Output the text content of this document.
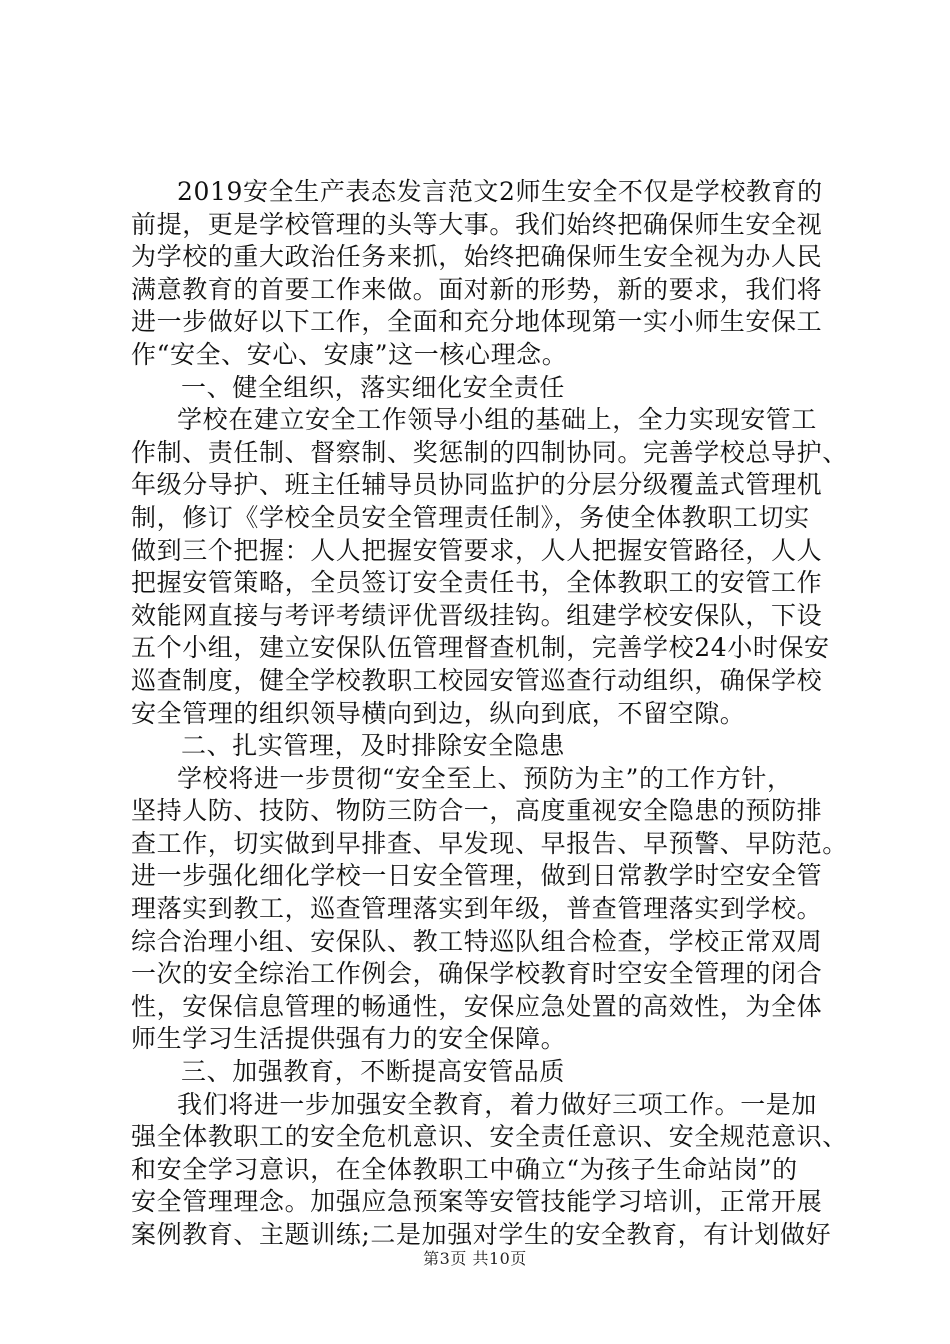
2019安全生产表态发言范文2师生安全不仅是学校教育的
前提，更是学校管理的头等大事。我们始终把确保师生安全视
为学校的重大政治任务来抓，始终把确保师生安全视为办人民
满意教育的首要工作来做。面对新的形势，新的要求，我们将
进一步做好以下工作，全面和充分地体现第一实小师生安保工
作“安全、安心、安康”这一核心理念。
一、健全组织，落实细化安全责任
学校在建立安全工作领导小组的基础上，全力实现安管工
作制、责任制、督察制、奖惩制的四制协同。完善学校总导护、
年级分导护、班主任辅导员协同监护的分层分级覆盖式管理机
制，修订《学校全员安全管理责任制》，务使全体教职工切实
做到三个把握：人人把握安管要求，人人把握安管路径，人人
把握安管策略，全员签订安全责任书，全体教职工的安管工作
效能网直接与考评考绩评优晋级挂钩。组建学校安保队，下设
五个小组，建立安保队伍管理督查机制，完善学校24小时保安
巡查制度，健全学校教职工校园安管巡查行动组织，确保学校
安全管理的组织领导横向到边，纵向到底，不留空隙。
二、扎实管理，及时排除安全隐患
学校将进一步贯彻“安全至上、预防为主”的工作方针，
坚持人防、技防、物防三防合一，高度重视安全隐患的预防排
查工作，切实做到早排查、早发现、早报告、早预警、早防范。
进一步强化细化学校一日安全管理，做到日常教学时空安全管
理落实到教工，巡查管理落实到年级，普查管理落实到学校。
综合治理小组、安保队、教工特巡队组合检查，学校正常双周
一次的安全综治工作例会，确保学校教育时空安全管理的闭合
性，安保信息管理的畅通性，安保应急处置的高效性，为全体
师生学习生活提供强有力的安全保障。
三、加强教育，不断提高安管品质
我们将进一步加强安全教育，着力做好三项工作。一是加
强全体教职工的安全危机意识、安全责任意识、安全规范意识、
和安全学习意识，在全体教职工中确立“为孩子生命站岗”的
安全管理理念。加强应急预案等安管技能学习培训，正常开展
案例教育、主题训练;二是加强对学生的安全教育，有计划做好
第3页 共10页
